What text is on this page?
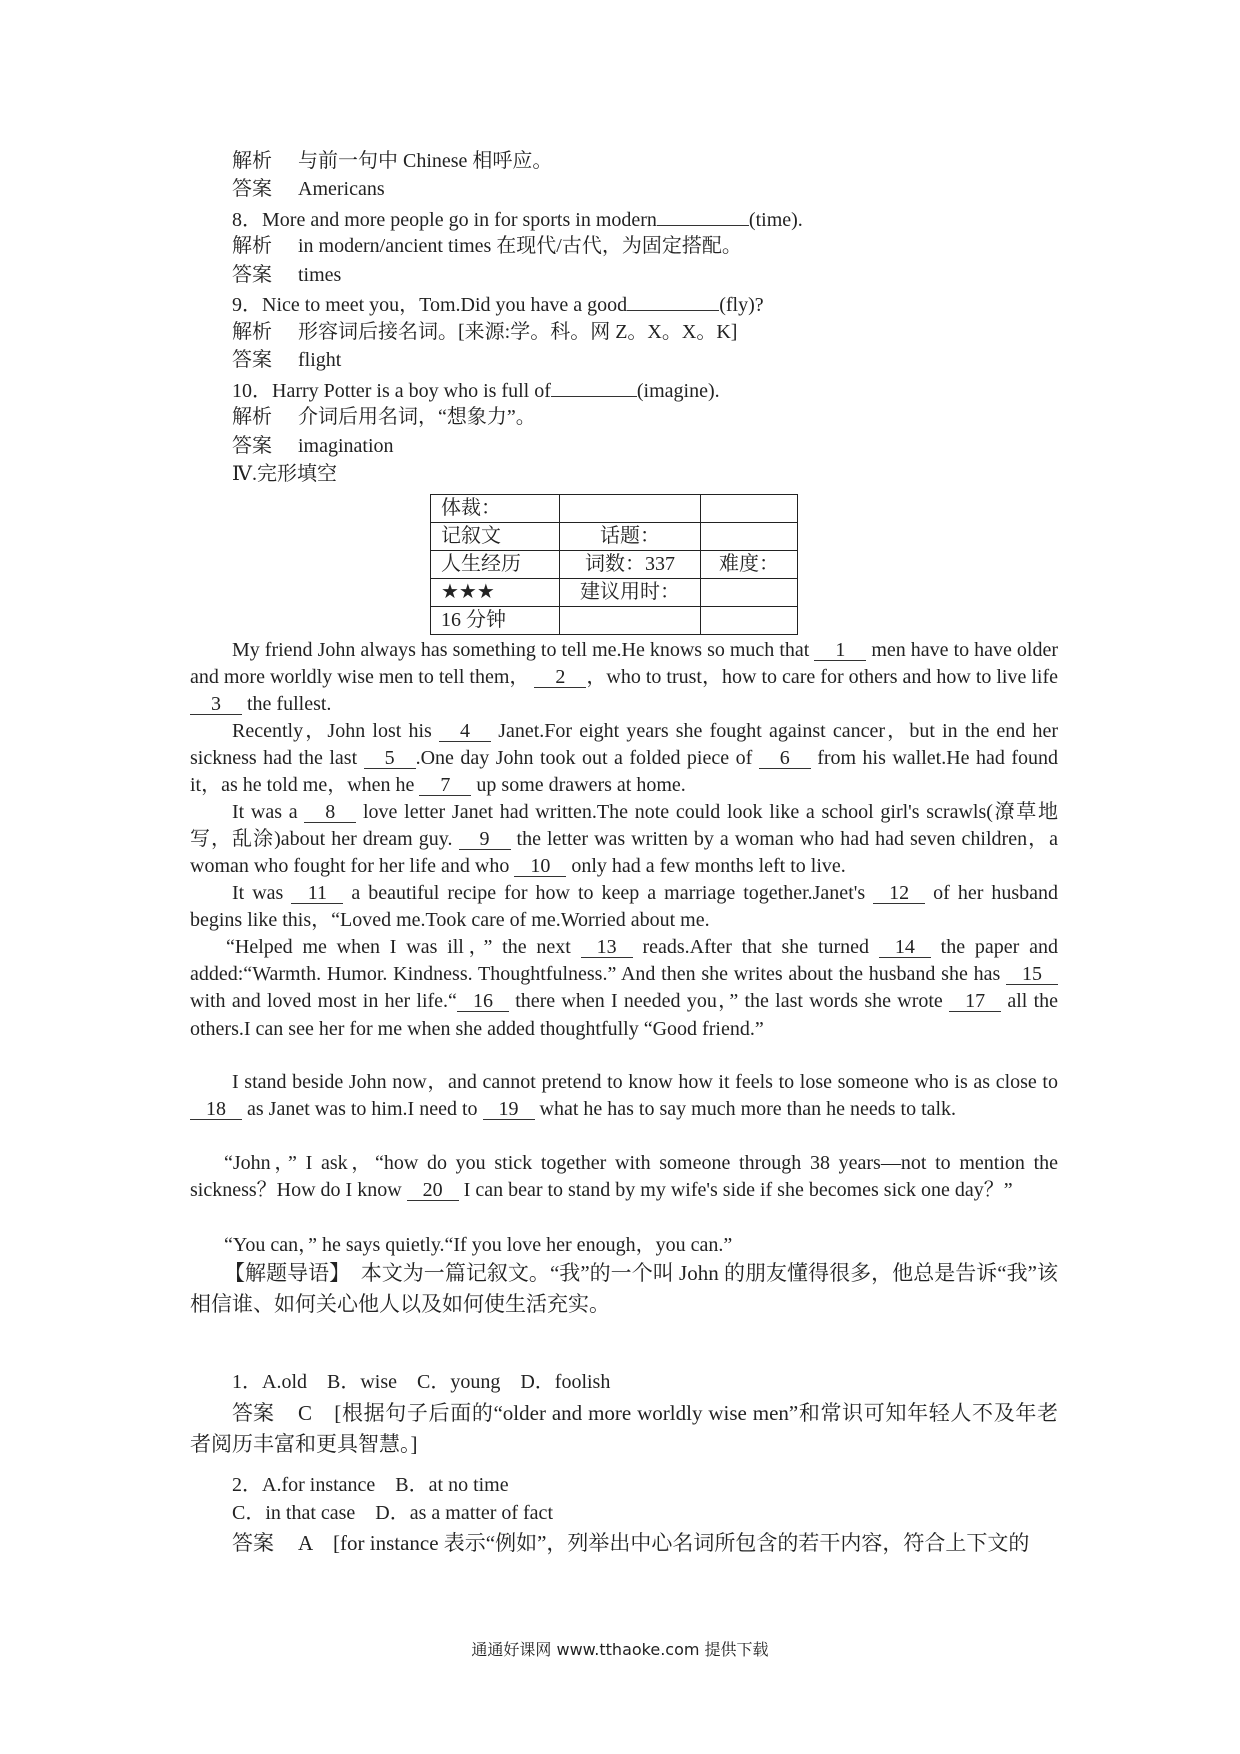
解析 与前一句中 Chinese 相呼应。
答案 Americans
8．More and more people go in for sports in modern	(time).
解析 in modern/ancient times 在现代/古代，为固定搭配。
答案 times
9．Nice to meet you，Tom.Did you have a good	(fly)?
解析 形容词后接名词。[来源:学。科。网 Z。X。X。K]
答案 flight
10．Harry Potter is a boy who is full of	(imagine).
解析 介词后用名词，“想象力”。
答案 imagination
Ⅳ.完形填空
体裁：		
记叙文	话题：	
人生经历	词数：337	难度：
★★★	建议用时：	
16 分钟		
My friend John always has something to tell me.He knows so much that 1 men have to have older and more worldly wise men to tell them， 2 ，who to trust，how to care for others and how to live life 3 the fullest.
Recently，John lost his 4 Janet.For eight years she fought against cancer，but in the end her sickness had the last 5 .One day John took out a folded piece of 6 from his wallet.He had found it，as he told me，when he 7 up some drawers at home.
It was a 8 love letter Janet had written.The note could look like a school girl's scrawls(潦草地写，乱涂)about her dream guy. 9 the letter was written by a woman who had had seven children，a woman who fought for her life and who 10 only had a few months left to live.
It was 11 a beautiful recipe for how to keep a marriage together.Janet's 12 of her husband begins like this，“Loved me.Took care of me.Worried about me.
“Helped me when I was ill，” the next 13 reads.After that she turned 14 the paper and added:“Warmth. Humor. Kindness. Thoughtfulness.” And then she writes about the husband she has 15 with and loved most in her life.“ 16 there when I needed you，” the last words she wrote 17 all the others.I can see her for me when she added thoughtfully “Good friend.”
I stand beside John now，and cannot pretend to know how it feels to lose someone who is as close to 18 as Janet was to him.I need to 19 what he has to say much more than he needs to talk.
“John，” I ask，“how do you stick together with someone through 38 years—not to mention the sickness？How do I know 20 I can bear to stand by my wife's side if she becomes sick one day？”
“You can，” he says quietly.“If you love her enough，you can.”
【解题导语】　 本文为一篇记叙文。“我”的一个叫 John 的朋友懂得很多，他总是告诉“我”该相信谁、如何关心他人以及如何使生活充实。
1．A.old　B．wise　C．young　D．foolish
答案 C　[根据句子后面的“older and more worldly wise men”和常识可知年轻人不及年老者阅历丰富和更具智慧。]
2．A.for instance　B．at no time
C．in that case　D．as a matter of fact
答案 A　[for instance 表示“例如”，列举出中心名词所包含的若干内容，符合上下文的
通通好课网 www.tthaoke.com 提供下载
